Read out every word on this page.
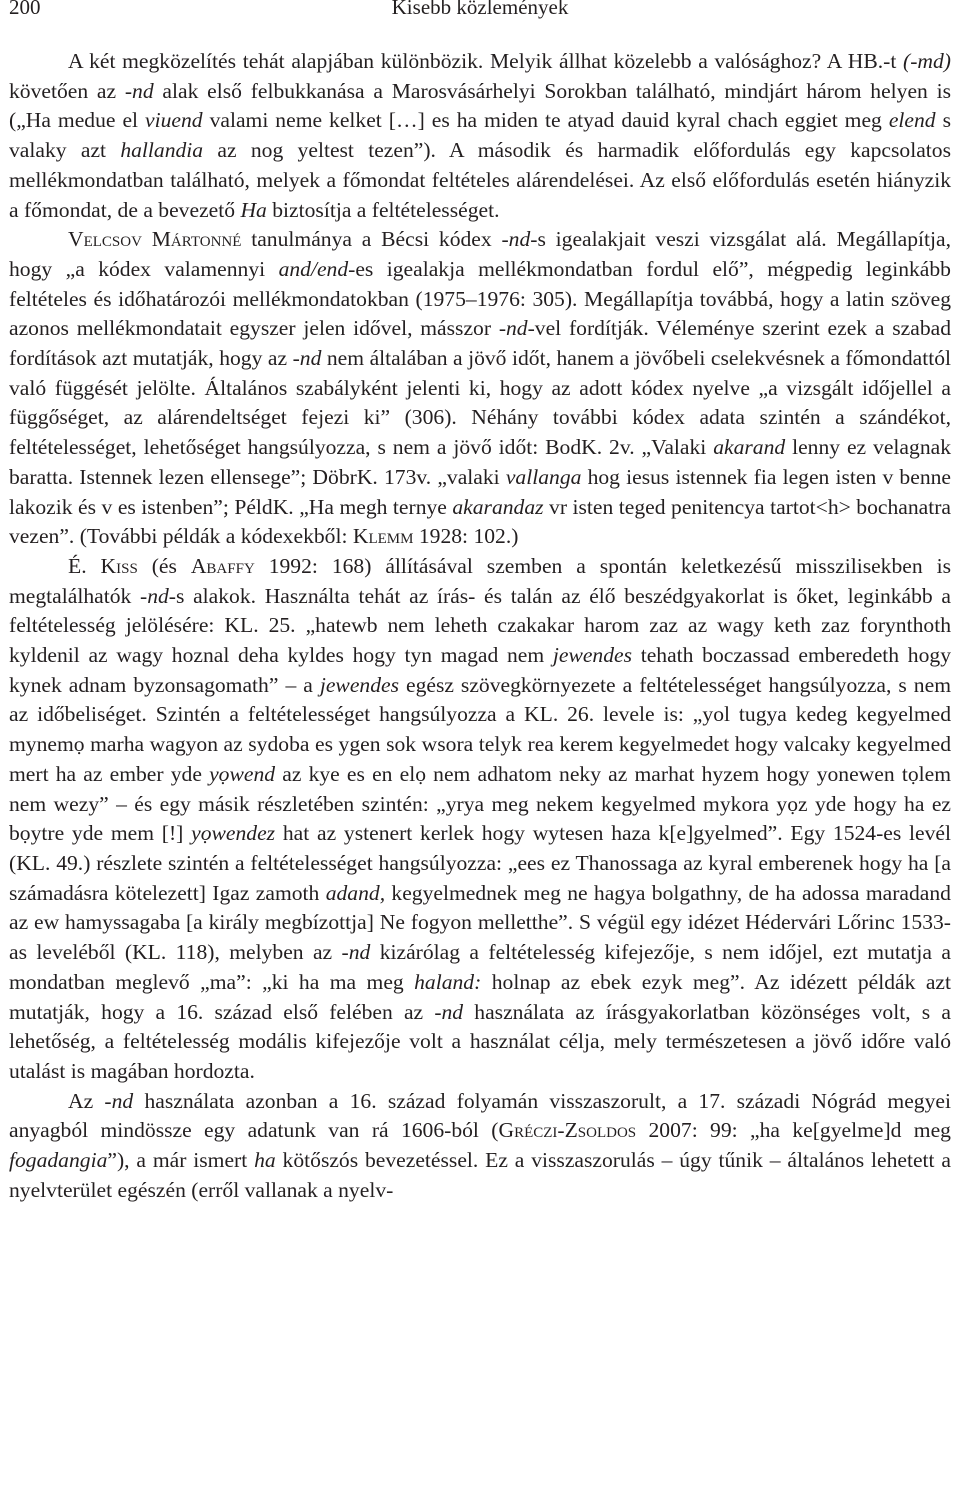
200	Kisebb közlemények

A két megközelítés tehát alapjában különbözik. Melyik állhat közelebb a valósághoz? A HB.-t (-md) követően az -nd alak első felbukkanása a Marosvásárhelyi Sorokban található, mindjárt három helyen is („Ha medue el viuend valami neme kelket […] es ha miden te atyad dauid kyral chach eggiet meg elend s valaky azt hallandia az nog yeltest tezen”). A második és harmadik előfordulás egy kapcsolatos mellékmondatban található, melyek a főmondat feltételes alárendelései. Az első előfordulás esetén hiányzik a főmondat, de a bevezető Ha biztosítja a feltételességet.

Velcsov Mártonné tanulmánya a Bécsi kódex -nd-s igealakjait veszi vizsgálat alá. Megállapítja, hogy „a kódex valamennyi and/end-es igealakja mellékmondatban fordul elő”, mégpedig leginkább feltételes és időhatározói mellékmondatokban (1975–1976: 305). Megállapítja továbbá, hogy a latin szöveg azonos mellékmondatait egyszer jelen idővel, másszor -nd-vel fordítják. Véleménye szerint ezek a szabad fordítások azt mutatják, hogy az -nd nem általában a jövő időt, hanem a jövőbeli cselekvésnek a főmondattól való függését jelölte. Általános szabályként jelenti ki, hogy az adott kódex nyelve „a vizsgált időjellel a függőséget, az alárendeltséget fejezi ki” (306). Néhány további kódex adata szintén a szándékot, feltételességet, lehetőséget hangsúlyozza, s nem a jövő időt: BodK. 2v. „Valaki akarand lenny ez velagnak baratta. Istennek lezen ellensege”; DöbrK. 173v. „valaki vallanga hog iesus istennek fia legen isten v benne lakozik és v es istenben”; PéldK. „Ha megh ternye akarandaz vr isten teged penitencya tartot<h> bochanatra vezen”. (További példák a kódexekből: Klemm 1928: 102.)

É. Kiss (és Abaffy 1992: 168) állításával szemben a spontán keletkezésű misszilisekben is megtalálhatók -nd-s alakok. Használta tehát az írás- és talán az élő beszédgyakorlat is őket, leginkább a feltételesség jelölésére: KL. 25. „hatewb nem leheth czakakar harom zaz az wagy keth zaz forynthoth kyldenil az wagy hoznal deha kyldes hogy tyn magad nem jewendes tehath boczassad emberedeth hogy kynek adnam byzonsagomath” – a jewendes egész szövegkörnyezete a feltételességet hangsúlyozza, s nem az időbeliséget. Szintén a feltételességet hangsúlyozza a KL. 26. levele is: „yol tugya kedeg kegyelmed mynemọ marha wagyon az sydoba es ygen sok wsora telyk rea kerem kegyelmedet hogy valcaky kegyelmed mert ha az ember yde yọwend az kye es en elọ nem adhatom neky az marhat hyzem hogy yonewen tọlem nem wezy” – és egy másik részletében szintén: „yrya meg nekem kegyelmed mykora yọz yde hogy ha ez bọytre yde mem [!] yọwendez hat az ystenert kerlek hogy wytesen haza k[e]gyelmed”. Egy 1524-es levél (KL. 49.) részlete szintén a feltételességet hangsúlyozza: „ees ez Thanossaga az kyral emberenek hogy ha [a számadásra kötelezett] Igaz zamoth adand, kegyelmednek meg ne hagya bolgathny, de ha adossa maradand az ew hamyssagaba [a király megbízottja] Ne fogyon melletthe”. S végül egy idézet Hédervári Lőrinc 1533-as leveléből (KL. 118), melyben az -nd kizárólag a feltételesség kifejezője, s nem időjel, ezt mutatja a mondatban meglevő „ma”: „ki ha ma meg haland: holnap az ebek ezyk meg”. Az idézett példák azt mutatják, hogy a 16. század első felében az -nd használata az írásgyakorlatban közönséges volt, s a lehetőség, a feltételesség modális kifejezője volt a használat célja, mely természetesen a jövő időre való utalást is magában hordozta.

Az -nd használata azonban a 16. század folyamán visszaszorult, a 17. századi Nógrád megyei anyagból mindössze egy adatunk van rá 1606-ból (Gréczi-Zsoldos 2007: 99: „ha ke[gyelme]d meg fogadangia”), a már ismert ha kötőszós bevezetéssel. Ez a visszaszorulás – úgy tűnik – általános lehetett a nyelvterület egészén (erről vallanak a nyelv-
